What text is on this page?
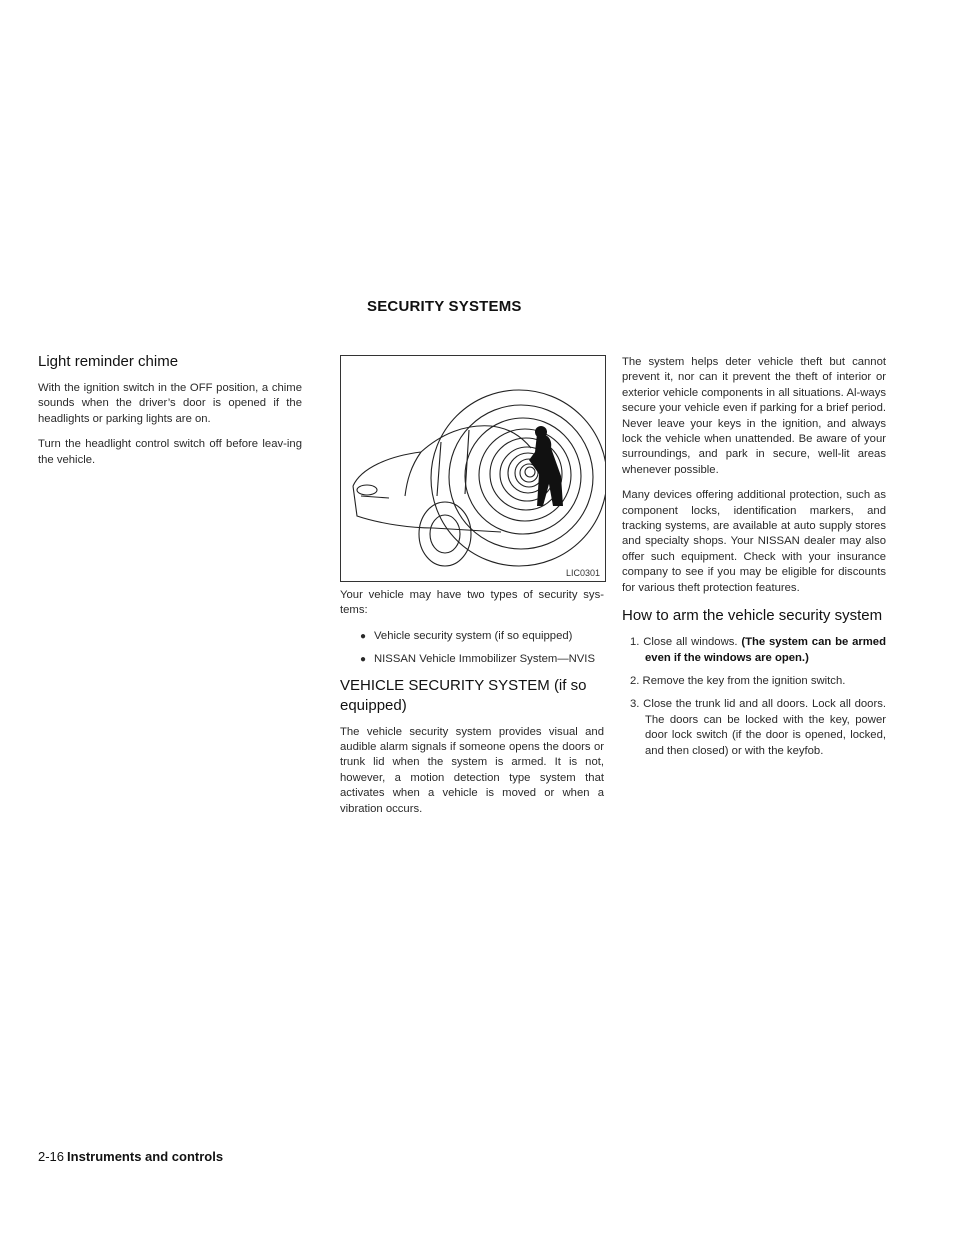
SECURITY SYSTEMS
Light reminder chime

With the ignition switch in the OFF position, a chime sounds when the driver’s door is opened if the headlights or parking lights are on.

Turn the headlight control switch off before leav-ing the vehicle.

LIC0301

Your vehicle may have two types of security sys-tems:

● Vehicle security system (if so equipped)
● NISSAN Vehicle Immobilizer System—NVIS
VEHICLE SECURITY SYSTEM (if so equipped)

The vehicle security system provides visual and audible alarm signals if someone opens the doors or trunk lid when the system is armed. It is not, however, a motion detection type system that activates when a vehicle is moved or when a vibration occurs.

The system helps deter vehicle theft but cannot prevent it, nor can it prevent the theft of interior or exterior vehicle components in all situations. Al-ways secure your vehicle even if parking for a brief period. Never leave your keys in the ignition, and always lock the vehicle when unattended. Be aware of your surroundings, and park in secure, well-lit areas whenever possible.

Many devices offering additional protection, such as component locks, identification markers, and tracking systems, are available at auto supply stores and specialty shops. Your NISSAN dealer may also offer such equipment. Check with your insurance company to see if you may be eligible for discounts for various theft protection features.

How to arm the vehicle security system
1. Close all windows. (The system can be armed even if the windows are open.)
2. Remove the key from the ignition switch.
3. Close the trunk lid and all doors. Lock all doors. The doors can be locked with the key, power door lock switch (if the door is opened, locked, and then closed) or with the keyfob.
2-16 Instruments and controls
